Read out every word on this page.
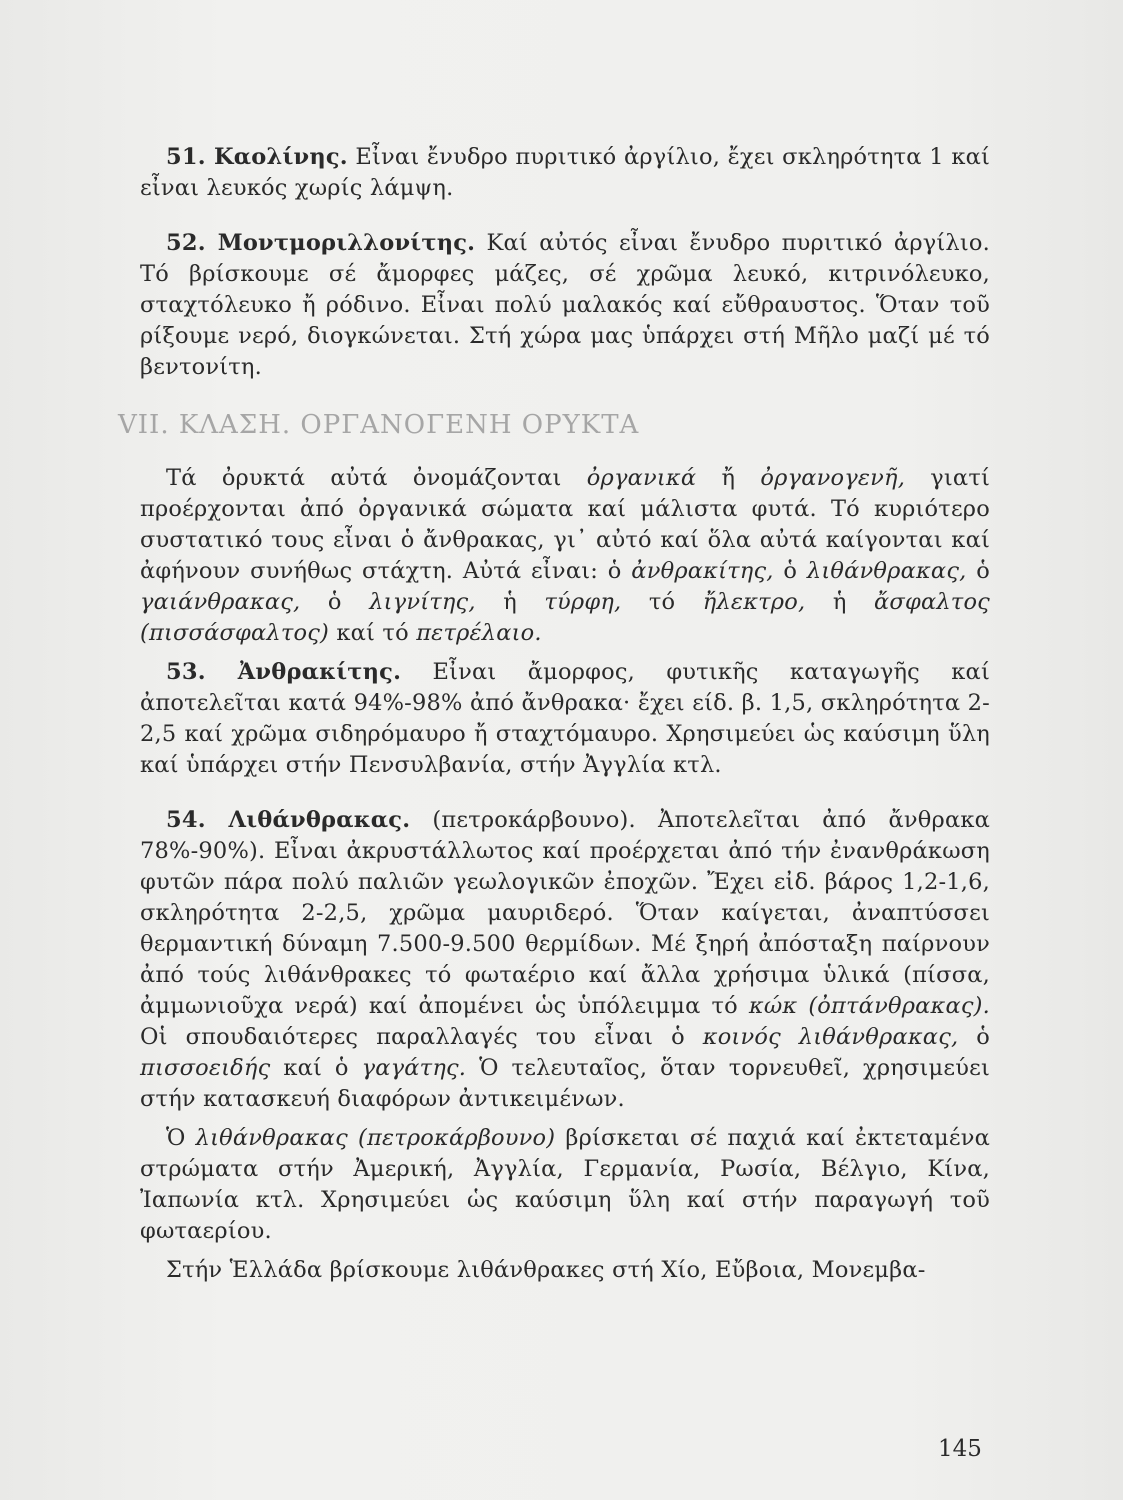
51. Καολίνης. Εἶναι ἔνυδρο πυριτικό ἀργίλιο, ἔχει σκληρότητα 1 καί εἶναι λευκός χωρίς λάμψη.

52. Μοντμοριλλονίτης. Καί αὐτός εἶναι ἔνυδρο πυριτικό ἀργίλιο. Τό βρίσκουμε σέ ἄμορφες μάζες, σέ χρῶμα λευκό, κιτρινόλευκο, σταχτόλευκο ἤ ρόδινο. Εἶναι πολύ μαλακός καί εὔθραυστος. Ὅταν τοῦ ρίξουμε νερό, διογκώνεται. Στή χώρα μας ὑπάρχει στή Μῆλο μαζί μέ τό βεντονίτη.

VII. ΚΛΑΣΗ. ΟΡΓΑΝΟΓΕΝΗ ΟΡΥΚΤΑ

Τά ὀρυκτά αὐτά ὀνομάζονται ὀργανικά ἤ ὀργανογενῆ, γιατί προέρχονται ἀπό ὀργανικά σώματα καί μάλιστα φυτά. Τό κυριότερο συστατικό τους εἶναι ὁ ἄνθρακας, γι᾽ αὐτό καί ὅλα αὐτά καίγονται καί ἀφήνουν συνήθως στάχτη. Αὐτά εἶναι: ὁ ἀνθρακίτης, ὁ λιθάνθρακας, ὁ γαιάνθρακας, ὁ λιγνίτης, ἡ τύρφη, τό ἤλεκτρο, ἡ ἄσφαλτος (πισσάσφαλτος) καί τό πετρέλαιο.

53. Ἀνθρακίτης. Εἶναι ἄμορφος, φυτικῆς καταγωγῆς καί ἀποτελεῖται κατά 94%-98% ἀπό ἄνθρακα· ἔχει είδ. β. 1,5, σκληρότητα 2-2,5 καί χρῶμα σιδηρόμαυρο ἤ σταχτόμαυρο. Χρησιμεύει ὡς καύσιμη ὕλη καί ὑπάρχει στήν Πενσυλβανία, στήν Ἀγγλία κτλ.

54. Λιθάνθρακας. (πετροκάρβουνο). Ἀποτελεῖται ἀπό ἄνθρακα 78%-90%). Εἶναι ἀκρυστάλλωτος καί προέρχεται ἀπό τήν ἐνανθράκωση φυτῶν πάρα πολύ παλιῶν γεωλογικῶν ἐποχῶν. Ἔχει εἰδ. βάρος 1,2-1,6, σκληρότητα 2-2,5, χρῶμα μαυριδερό. Ὅταν καίγεται, ἀναπτύσσει θερμαντική δύναμη 7.500-9.500 θερμίδων. Μέ ξηρή ἀπόσταξη παίρνουν ἀπό τούς λιθάνθρακες τό φωταέριο καί ἄλλα χρήσιμα ὑλικά (πίσσα, ἀμμωνιοῦχα νερά) καί ἀπομένει ὡς ὑπόλειμμα τό κώκ (ὀπτάνθρακας). Οἱ σπουδαιότερες παραλλαγές του εἶναι ὁ κοινός λιθάνθρακας, ὁ πισσοειδής καί ὁ γαγάτης. Ὁ τελευταῖος, ὅταν τορνευθεῖ, χρησιμεύει στήν κατασκευή διαφόρων ἀντικειμένων.

Ὁ λιθάνθρακας (πετροκάρβουνο) βρίσκεται σέ παχιά καί ἐκτεταμένα στρώματα στήν Ἀμερική, Ἀγγλία, Γερμανία, Ρωσία, Βέλγιο, Κίνα, Ἰαπωνία κτλ. Χρησιμεύει ὡς καύσιμη ὕλη καί στήν παραγωγή τοῦ φωταερίου.

Στήν Ἑλλάδα βρίσκουμε λιθάνθρακες στή Χίο, Εὔβοια, Μονεμβα-

145
